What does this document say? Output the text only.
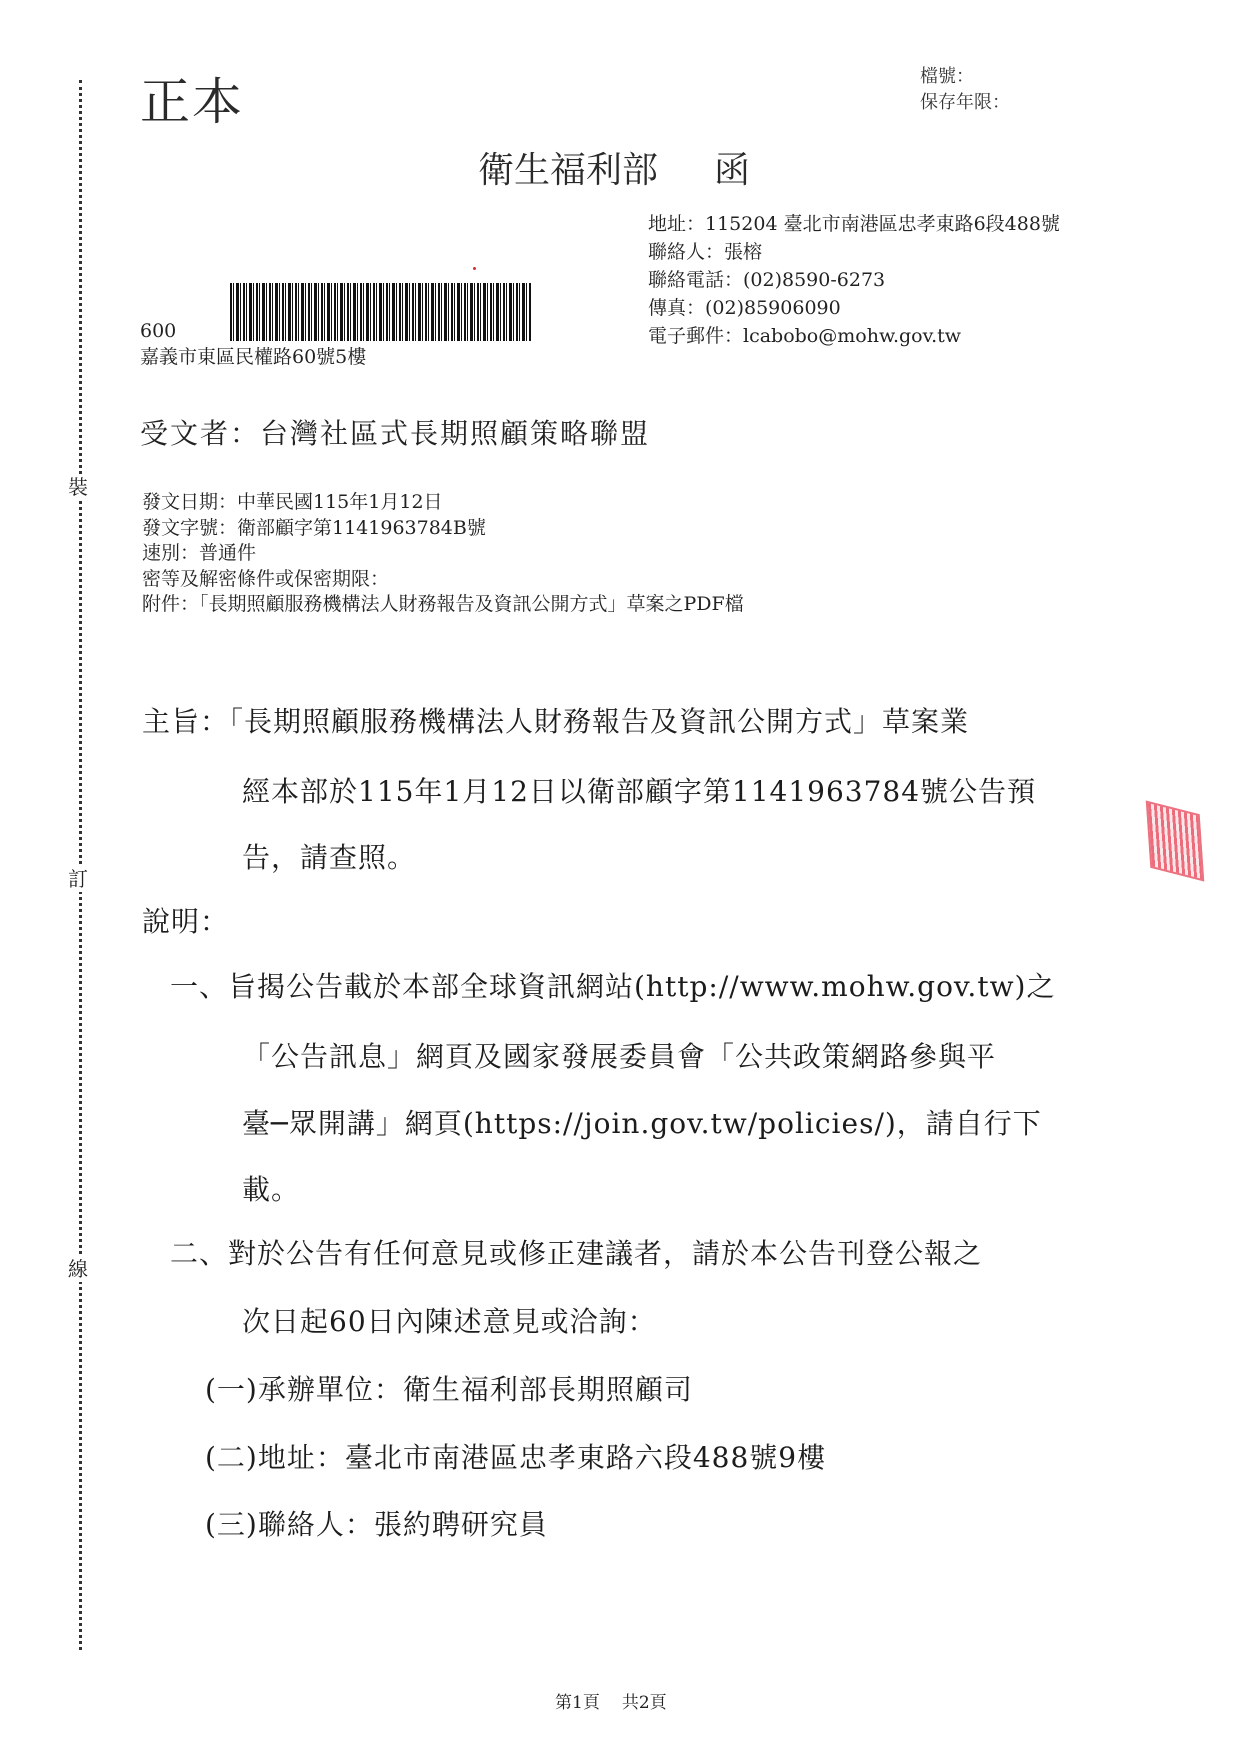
裝
訂
線
正本	檔號：
保存年限：
衛生福利部 函
地址：115204 臺北市南港區忠孝東路6段488號
聯絡人：張榕
聯絡電話：(02)8590-6273
傳真：(02)85906090
電子郵件：lcabobo@mohw.gov.tw
600
嘉義市東區民權路60號5樓
受文者：台灣社區式長期照顧策略聯盟
發文日期：中華民國115年1月12日
發文字號：衛部顧字第1141963784B號
速別：普通件
密等及解密條件或保密期限：
附件：「長期照顧服務機構法人財務報告及資訊公開方式」草案之PDF檔
主旨：「長期照顧服務機構法人財務報告及資訊公開方式」草案業
經本部於115年1月12日以衛部顧字第1141963784號公告預
告，請查照。
說明：
一、旨揭公告載於本部全球資訊網站(http://www.mohw.gov.tw)之
「公告訊息」網頁及國家發展委員會「公共政策網路參與平
臺─眾開講」網頁(https://join.gov.tw/policies/)，請自行下
載。
二、對於公告有任何意見或修正建議者，請於本公告刊登公報之
次日起60日內陳述意見或洽詢：
(一)承辦單位：衛生福利部長期照顧司
(二)地址：臺北市南港區忠孝東路六段488號9樓
(三)聯絡人：張約聘研究員
第1頁 共2頁
